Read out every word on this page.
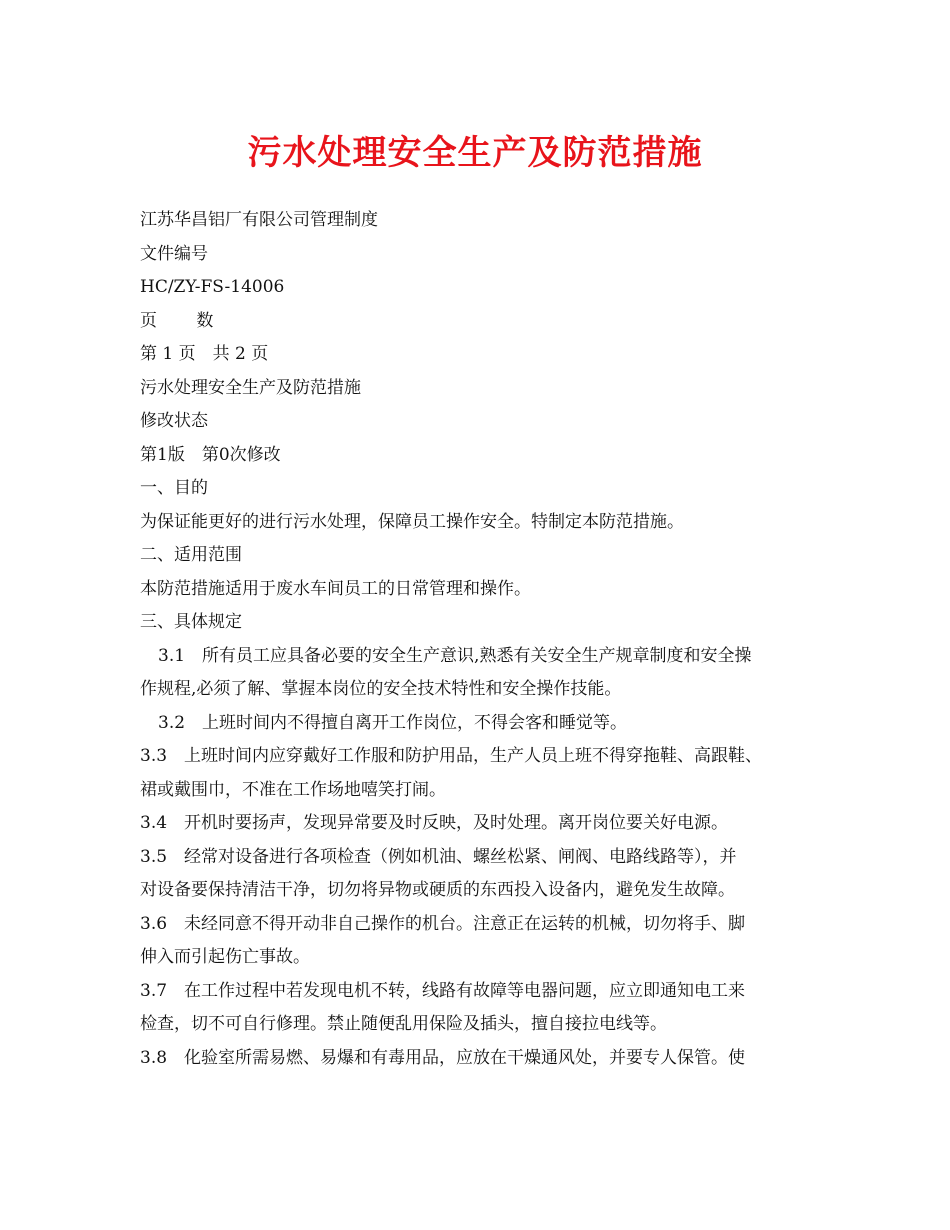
污水处理安全生产及防范措施
江苏华昌铝厂有限公司管理制度
文件编号
HC/ZY-FS-14006
页　　 数
第 1 页　共 2 页
污水处理安全生产及防范措施
修改状态
第1版　第0次修改
一、目的
为保证能更好的进行污水处理，保障员工操作安全。特制定本防范措施。
二、适用范围
本防范措施适用于废水车间员工的日常管理和操作。
三、具体规定
3.1　所有员工应具备必要的安全生产意识,熟悉有关安全生产规章制度和安全操
作规程,必须了解、掌握本岗位的安全技术特性和安全操作技能。
3.2　上班时间内不得擅自离开工作岗位，不得会客和睡觉等。
3.3　上班时间内应穿戴好工作服和防护用品，生产人员上班不得穿拖鞋、高跟鞋、
裙或戴围巾，不准在工作场地嘻笑打闹。
3.4　开机时要扬声，发现异常要及时反映，及时处理。离开岗位要关好电源。
3.5　经常对设备进行各项检查（例如机油、螺丝松紧、闸阀、电路线路等），并
对设备要保持清洁干净，切勿将异物或硬质的东西投入设备内，避免发生故障。
3.6　未经同意不得开动非自己操作的机台。注意正在运转的机械，切勿将手、脚
伸入而引起伤亡事故。
3.7　在工作过程中若发现电机不转，线路有故障等电器问题，应立即通知电工来
检查，切不可自行修理。禁止随便乱用保险及插头，擅自接拉电线等。
3.8　化验室所需易燃、易爆和有毒用品，应放在干燥通风处，并要专人保管。使
